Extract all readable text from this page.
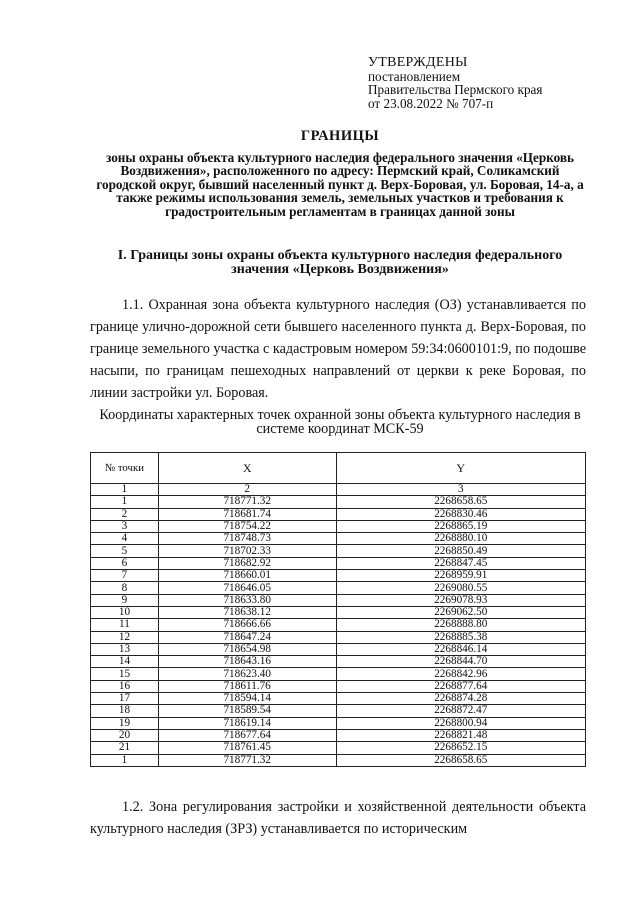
УТВЕРЖДЕНЫ
постановлением
Правительства Пермского края
от 23.08.2022 № 707-п
ГРАНИЦЫ
зоны охраны объекта культурного наследия федерального значения «Церковь Воздвижения», расположенного по адресу: Пермский край, Соликамский городской округ, бывший населенный пункт д. Верх-Боровая, ул. Боровая, 14-а, а также режимы использования земель, земельных участков и требования к градостроительным регламентам в границах данной зоны
I. Границы зоны охраны объекта культурного наследия федерального значения «Церковь Воздвижения»
1.1. Охранная зона объекта культурного наследия (ОЗ) устанавливается по границе улично-дорожной сети бывшего населенного пункта д. Верх-Боровая, по границе земельного участка с кадастровым номером 59:34:0600101:9, по подошве насыпи, по границам пешеходных направлений от церкви к реке Боровая, по линии застройки ул. Боровая.
Координаты характерных точек охранной зоны объекта культурного наследия в системе координат МСК-59
№ точки	X	Y
1	2	3
1	718771.32	2268658.65
2	718681.74	2268830.46
3	718754.22	2268865.19
4	718748.73	2268880.10
5	718702.33	2268850.49
6	718682.92	2268847.45
7	718660.01	2268959.91
8	718646.05	2269080.55
9	718633.80	2269078.93
10	718638.12	2269062.50
11	718666.66	2268888.80
12	718647.24	2268885.38
13	718654.98	2268846.14
14	718643.16	2268844.70
15	718623.40	2268842.96
16	718611.76	2268877.64
17	718594.14	2268874.28
18	718589.54	2268872.47
19	718619.14	2268800.94
20	718677.64	2268821.48
21	718761.45	2268652.15
1	718771.32	2268658.65
1.2. Зона регулирования застройки и хозяйственной деятельности объекта культурного наследия (ЗРЗ) устанавливается по историческим
